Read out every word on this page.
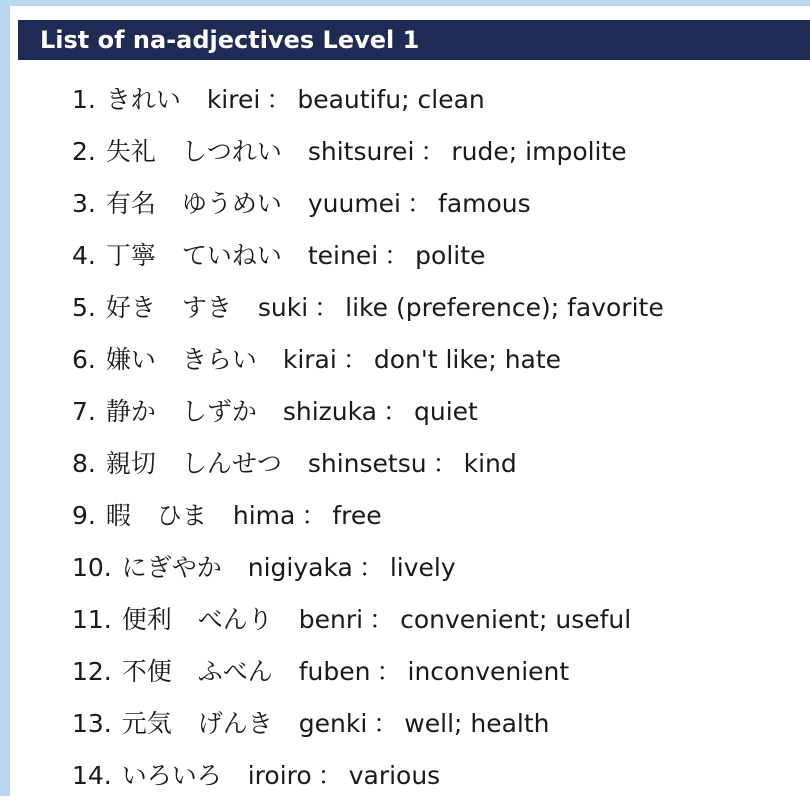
List of na-adjectives Level 1
1. きれい kirei ： beautifu; clean
2. 失礼 しつれい shitsurei ： rude; impolite
3. 有名 ゆうめい yuumei ： famous
4. 丁寧 ていねい teinei ： polite
5. 好き すき suki ： like (preference); favorite
6. 嫌い きらい kirai ： don't like; hate
7. 静か しずか shizuka ： quiet
8. 親切 しんせつ shinsetsu ： kind
9. 暇 ひま hima ： free
10. にぎやか nigiyaka ： lively
11. 便利 べんり benri ： convenient; useful
12. 不便 ふべん fuben ： inconvenient
13. 元気 げんき genki ： well; health
14. いろいろ iroiro ： various
